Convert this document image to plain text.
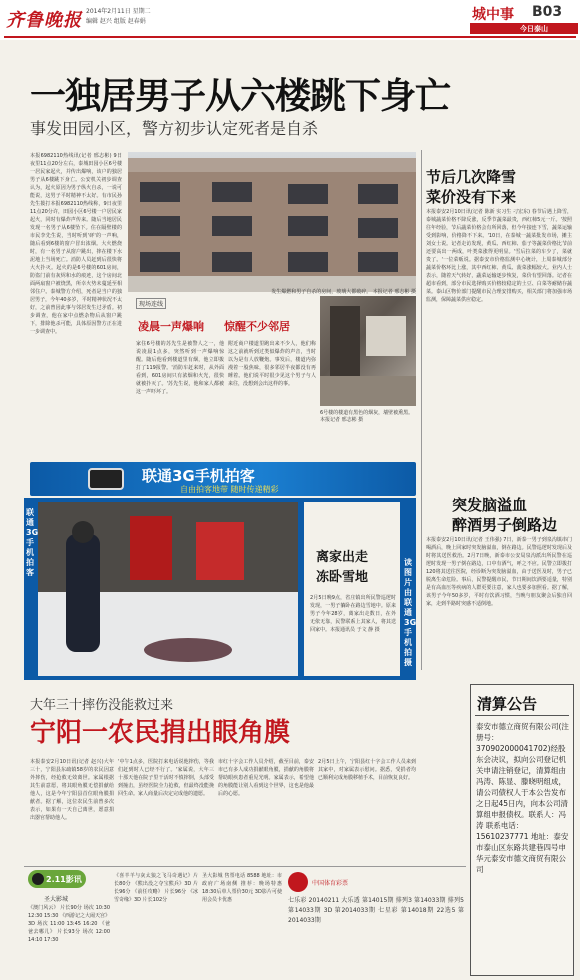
齐鲁晚报 2014年2月11日 星期二
编辑 赵兴 组版 赵春娟	城中事 B03
今日泰山
一独居男子从六楼跳下身亡
事发田园小区，警方初步认定死者是自杀
本报6982110热线讯(记者 邢志彬) 9日夜里11点20分左右，泰城田园小区6号楼一居民家起火，并传出爆响，该户的独居男子从6楼跳下身亡。公安机关初步调查认为，起火原因为男子纵火自杀，一说可能说，这男子平时精神不太好。有市民孙先生拨打本报6982110热线称，9日夜里11点20分许，田园小区6号楼一户居民家起火，同时有爆炸声传来。随后当地居民发现一名男子从6楼坠下。住在隔壁楼的市民李先生说，当时听到'砰'的一声响，随后看到6楼的窗户冒出浓烟。大火燃烧时，有一名男子从窗户跳出，摔在楼下水泥地上当场死亡。消防人员赶到后很快将大火扑灭。起火的是6号楼的601房间，防盗门前有灰烬和水的痕迹，这个房间北面两扇窗户被烧黑，所幸火势未蔓延至相邻住户。泰城警方介绍，死者是当户的独居男子，今年40多岁，平时精神状况不太好，之前曾因此事与邻居发生过矛盾。初步调查，他在家中点燃杂物后从窗户跳下，排除他杀可能，具体原因警方正在进一步调查中。
发生爆燃和男子自杀的房间，玻璃大都破碎。 本报记者 邢志彬 摄
现场连线
凌晨一声爆响 惊醒不少邻居
家住6号楼的苏先生是被警人之一，他说凌晨1点多，突然听到一声爆响惊醒。随后他看到楼道里有烟，他立即拨打了119报警。'消防车赶来时，从外面看到，601房间只有浓烟和火光，很快就被扑灭了。'苏先生说，他和家人都被这一声吓坏了。
附近商户楼道里跑出来不少人，他们称这之前就听到过类似爆炸的声音，当时以为是有人放鞭炮。事发后，楼道内弥漫着一股焦味，很多邻居半夜都没有再睡着。他们说平时很少见这个男子与人来往，没想到会出这样的事。
6号楼的楼道有黑色的烟灰，墙壁被熏黑。本报记者 邢志彬 摄
联通3G手机拍客
自由拍客地带 随时传递精彩
联通3G手机拍客
离家出走
冻卧雪地
2月5日晚9点，省庄镇出所民警巡逻时发现，一男子躺卧在路边雪地中。原来男子今年28岁，离家出走数日，在外无依无靠，民警联系上其家人，将其送回家中。本报通讯员 于文 静 摄
读图片由联通3G手机拍摄
大年三十摔伤没能救过来
宁阳一农民捐出眼角膜
本报泰安2月10日讯(记者 赵兴)大年三十，宁阳县东疏镇58岁的农民因意外摔伤，经抢救无效离世。家属根据其生前意愿，将其眼角膜无偿捐献给他人，这是今年宁阳县首位眼角膜捐献者。据了解，这位农民生前曾多次表示，如果有一天自己离世，愿意捐出器官帮助他人。
'中午1点多，医院打来电话说他摔伤，等我们赶到时人已经不行了。'家属说，大年三十那天他在院子里干活时不慎摔倒，头部受到撞击，虽经医院全力抢救，但最终没能挽回生命。家人商量后决定完成他的遗愿。
市红十字会工作人员介绍，截至目前，泰安市已有多人成功捐献眼角膜，捐献的角膜将帮助眼疾患者重见光明。家属表示，希望他的角膜能让别人看到这个世界，这也是他最后的心愿。
2月5日上午，宁阳县红十字会工作人员来到其家中，对家属表示慰问。据悉，受捐者均已顺利完成角膜移植手术，目前恢复良好。
节后几次降雪
菜价没有下来
本报泰安2月10日讯(记者 陈新 实习生 刁宏东) 春节后遇上降雪，泰城蔬菜价格不降反涨，反季节蔬菜最贵，西红柿5元一斤。'按照往年经验，节后蔬菜价格会有所回落，但今年接连下雪，蔬菜运输受到影响，价格降不下来。'10日，在泰城一蔬菜批发市场，摊主刘女士说。记者走访发现，黄瓜、西红柿、茄子等蔬菜价格比节前还要高出一两成，叶类菜涨得更明显。'雪后拉菜的车少了，菜就贵了。'一位菜贩说。据泰安市价格监测中心统计，上周泰城部分蔬菜价格环比上涨，其中西红柿、黄瓜、菠菜涨幅较大。业内人士表示，随着天气转好，蔬菜运输逐步恢复，菜价有望回落。记者在超市看到，部分市民选择购买价格较稳定的土豆、白菜等耐储存蔬菜。泰山区物价部门提醒市民合理安排购买，相关部门将加强市场监测，保障蔬菜供应稳定。
突发脑溢血
醉酒男子倒路边
本报泰安2月10日讯(记者 王伟强) 7日，新泰一男子到泉沟镇串门喝酒后，晚上回家时突发脑溢血，倒在路边。民警巡逻时发现后及时将其送医救治。2月7日晚，新泰市公安局泉沟派出所民警在巡逻时发现一男子倒在路边，口中有酒气，呼之不应。民警立即拨打120将其送往医院，经诊断为突发脑溢血，由于送医及时，男子已脱离生命危险。事后，民警提醒市民，节日期间饮酒要适量，特别是有高血压等疾病的人群更要注意，家人也要多加照看。据了解，该男子今年50多岁，平时有饮酒习惯，当晚与朋友聚会后独自回家，走到半路时突感不适倒地。
清算公告
泰安市德立商贸有限公司(注册号：370902000041702)经股东会决议，拟向公司登记机关申请注销登记，清算组由冯涛、陈显、滕晓明组成，请公司债权人于本公告发布之日起45日内，向本公司清算组申报债权。联系人：冯涛 联系电话：15610237771 地址：泰安市泰山区东路共建巷四号申华元泰安市德文商贸有限公司
2.11影讯
圣大影城
《澳门风云》 片长90分 场次 10:30 12:30 15:30 《西游记之大闹天宫》3D 场次 11:00 13:45 16:20 《爸爸去哪儿》 片长93分 场次 12:00 14:10 17:30
《喜羊羊与灰太狼之飞马奇遇记》片长80分 《熊出没之夺宝熊兵》3D 片长96分 《前任攻略》 片长96分 《冰雪奇缘》3D 片长102分
圣大影城 售票电话 8588 地址：市政府广场南侧 推荐：晚场特惠 18:30后单人票价30元 3D影片可使用会员卡优惠
中国体育彩票
七乐彩 20140211 大乐透 第14015期 排列3 第14033期 排列5 第14033期 3D 第2014033期 七星彩 第14018期 22选5 第2014033期
